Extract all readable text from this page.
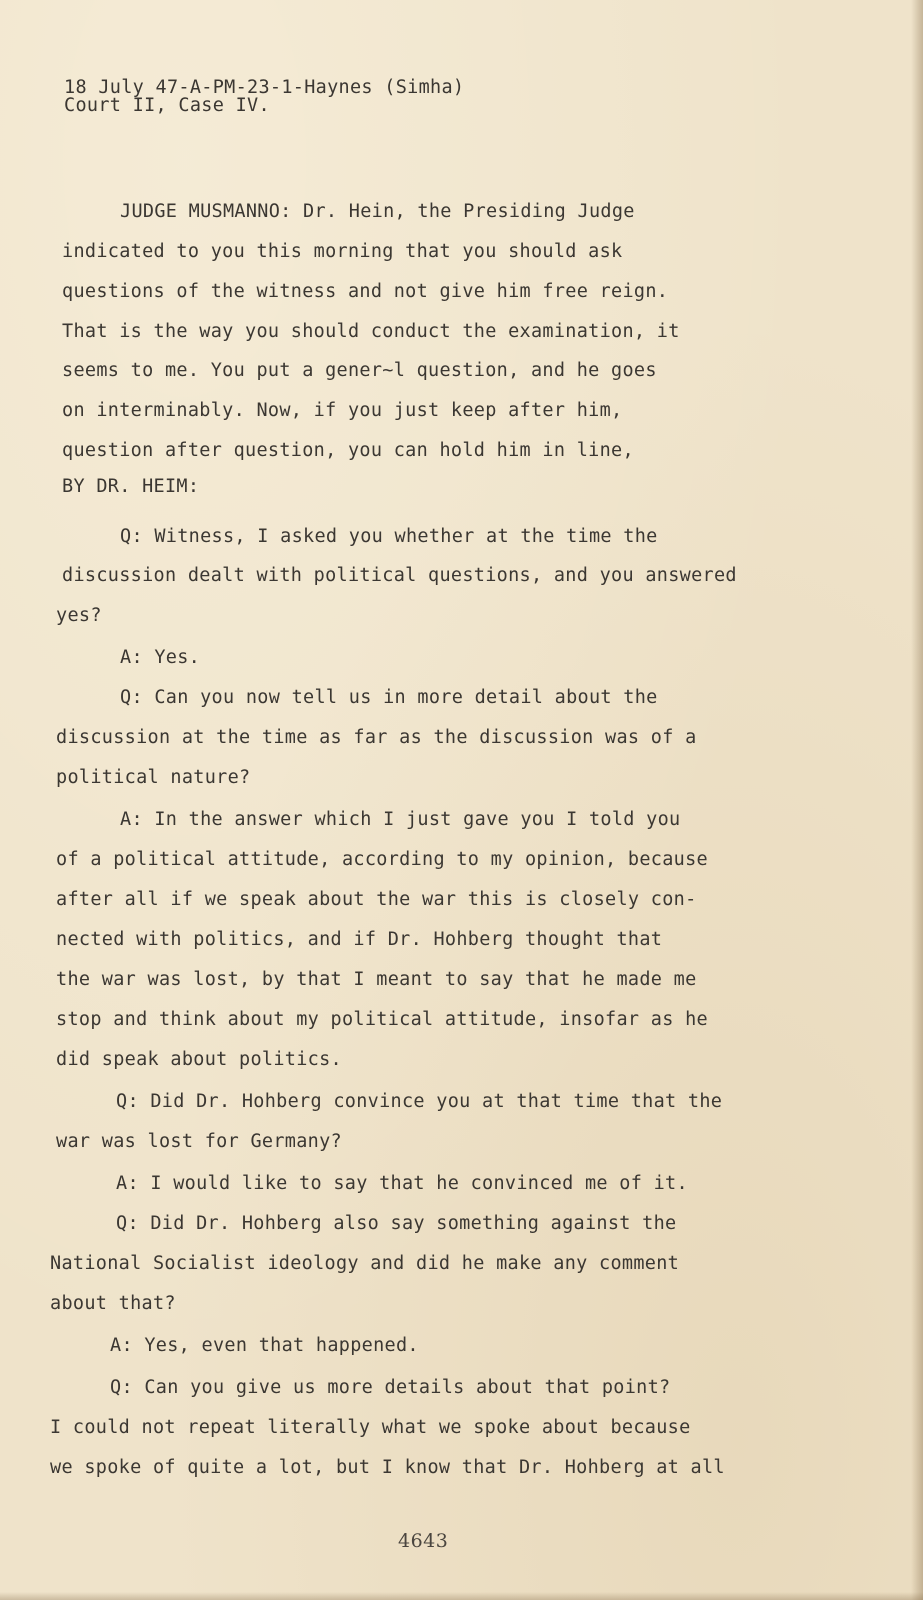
18 July 47-A-PM-23-1-Haynes (Simha)
Court II, Case IV.
JUDGE MUSMANNO: Dr. Hein, the Presiding Judge
indicated to you this morning that you should ask
questions of the witness and not give him free reign.
That is the way you should conduct the examination, it
seems to me. You put a gener~l question, and he goes
on interminably. Now, if you just keep after him,
question after question, you can hold him in line,
BY DR. HEIM:
Q: Witness, I asked you whether at the time the
discussion dealt with political questions, and you answered
yes?
A: Yes.
Q: Can you now tell us in more detail about the
discussion at the time as far as the discussion was of a
political nature?
A: In the answer which I just gave you I told you
of a political attitude, according to my opinion, because
after all if we speak about the war this is closely con-
nected with politics, and if Dr. Hohberg thought that
the war was lost, by that I meant to say that he made me
stop and think about my political attitude, insofar as he
did speak about politics.
Q: Did Dr. Hohberg convince you at that time that the
war was lost for Germany?
A: I would like to say that he convinced me of it.
Q: Did Dr. Hohberg also say something against the
National Socialist ideology and did he make any comment
about that?
A: Yes, even that happened.
Q: Can you give us more details about that point?
I could not repeat literally what we spoke about because
we spoke of quite a lot, but I know that Dr. Hohberg at all
4643
